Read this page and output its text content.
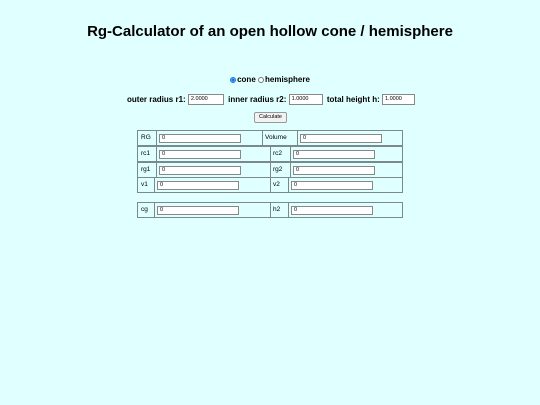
Rg-Calculator of an open hollow cone / hemisphere
cone hemisphere
outer radius r1: 2.0000	inner radius r2: 1.0000 total height h: 1.0000
Calculate
RG	0	Volume	0
rc1	0	rc2	0
rg1	0	rg2	0
v1	0	v2	0
cg	0	h2	0
